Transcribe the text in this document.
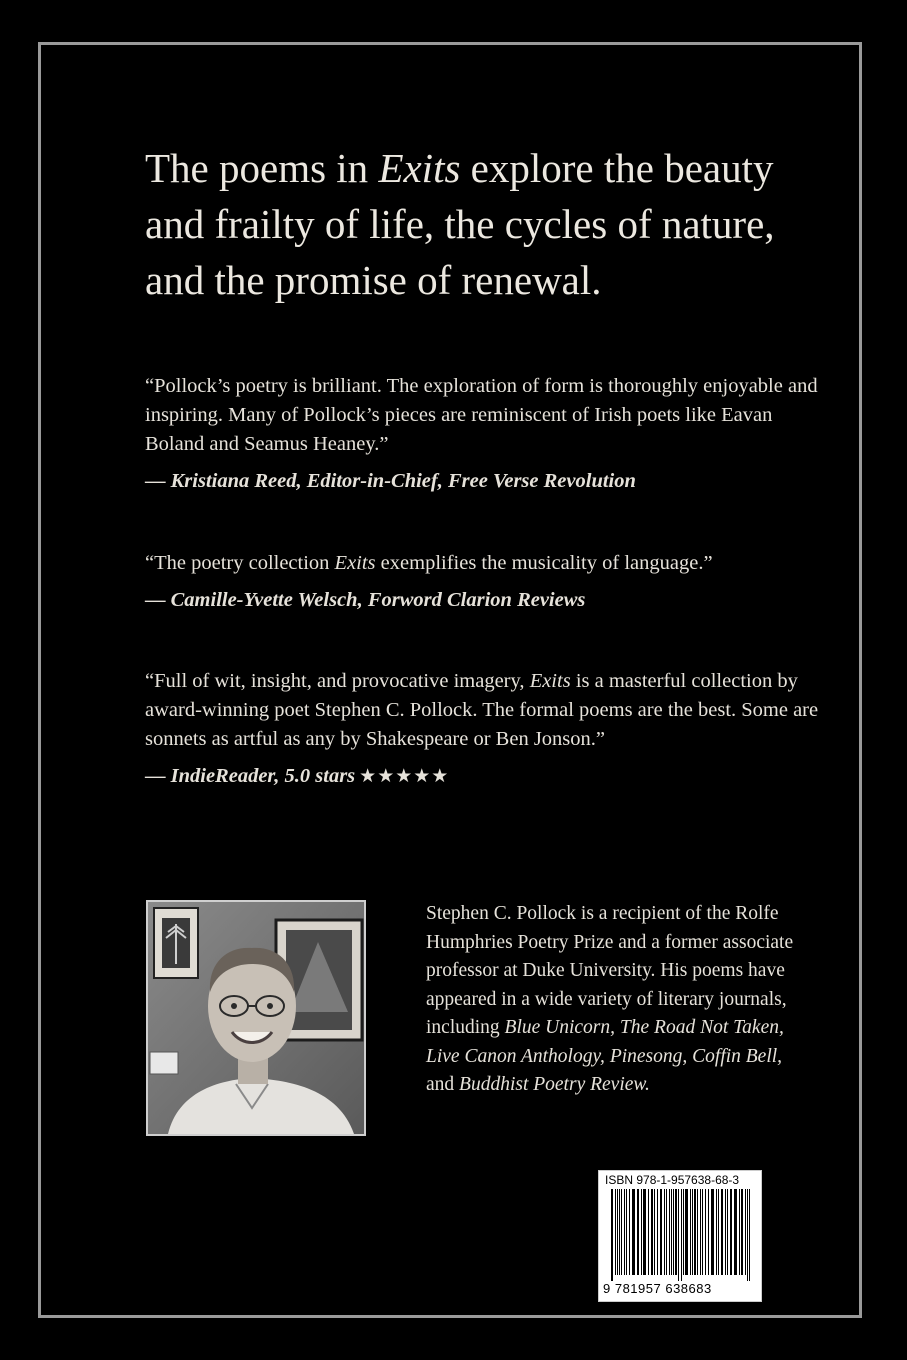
The poems in Exits explore the beauty and frailty of life, the cycles of nature, and the promise of renewal.

“Pollock’s poetry is brilliant. The exploration of form is thoroughly enjoyable and inspiring. Many of Pollock’s pieces are reminiscent of Irish poets like Eavan Boland and Seamus Heaney.”

— Kristiana Reed, Editor-in-Chief, Free Verse Revolution

“The poetry collection Exits exemplifies the musicality of language.”

— Camille-Yvette Welsch, Forword Clarion Reviews

“Full of wit, insight, and provocative imagery, Exits is a masterful collection by award-winning poet Stephen C. Pollock. The formal poems are the best. Some are sonnets as artful as any by Shakespeare or Ben Jonson.”

— IndieReader, 5.0 stars ★★★★★

Stephen C. Pollock is a recipient of the Rolfe Humphries Poetry Prize and a former associate professor at Duke University. His poems have appeared in a wide variety of literary journals, including Blue Unicorn, The Road Not Taken, Live Canon Anthology, Pinesong, Coffin Bell, and Buddhist Poetry Review.

ISBN 978-1-957638-68-3
9 781957 638683
